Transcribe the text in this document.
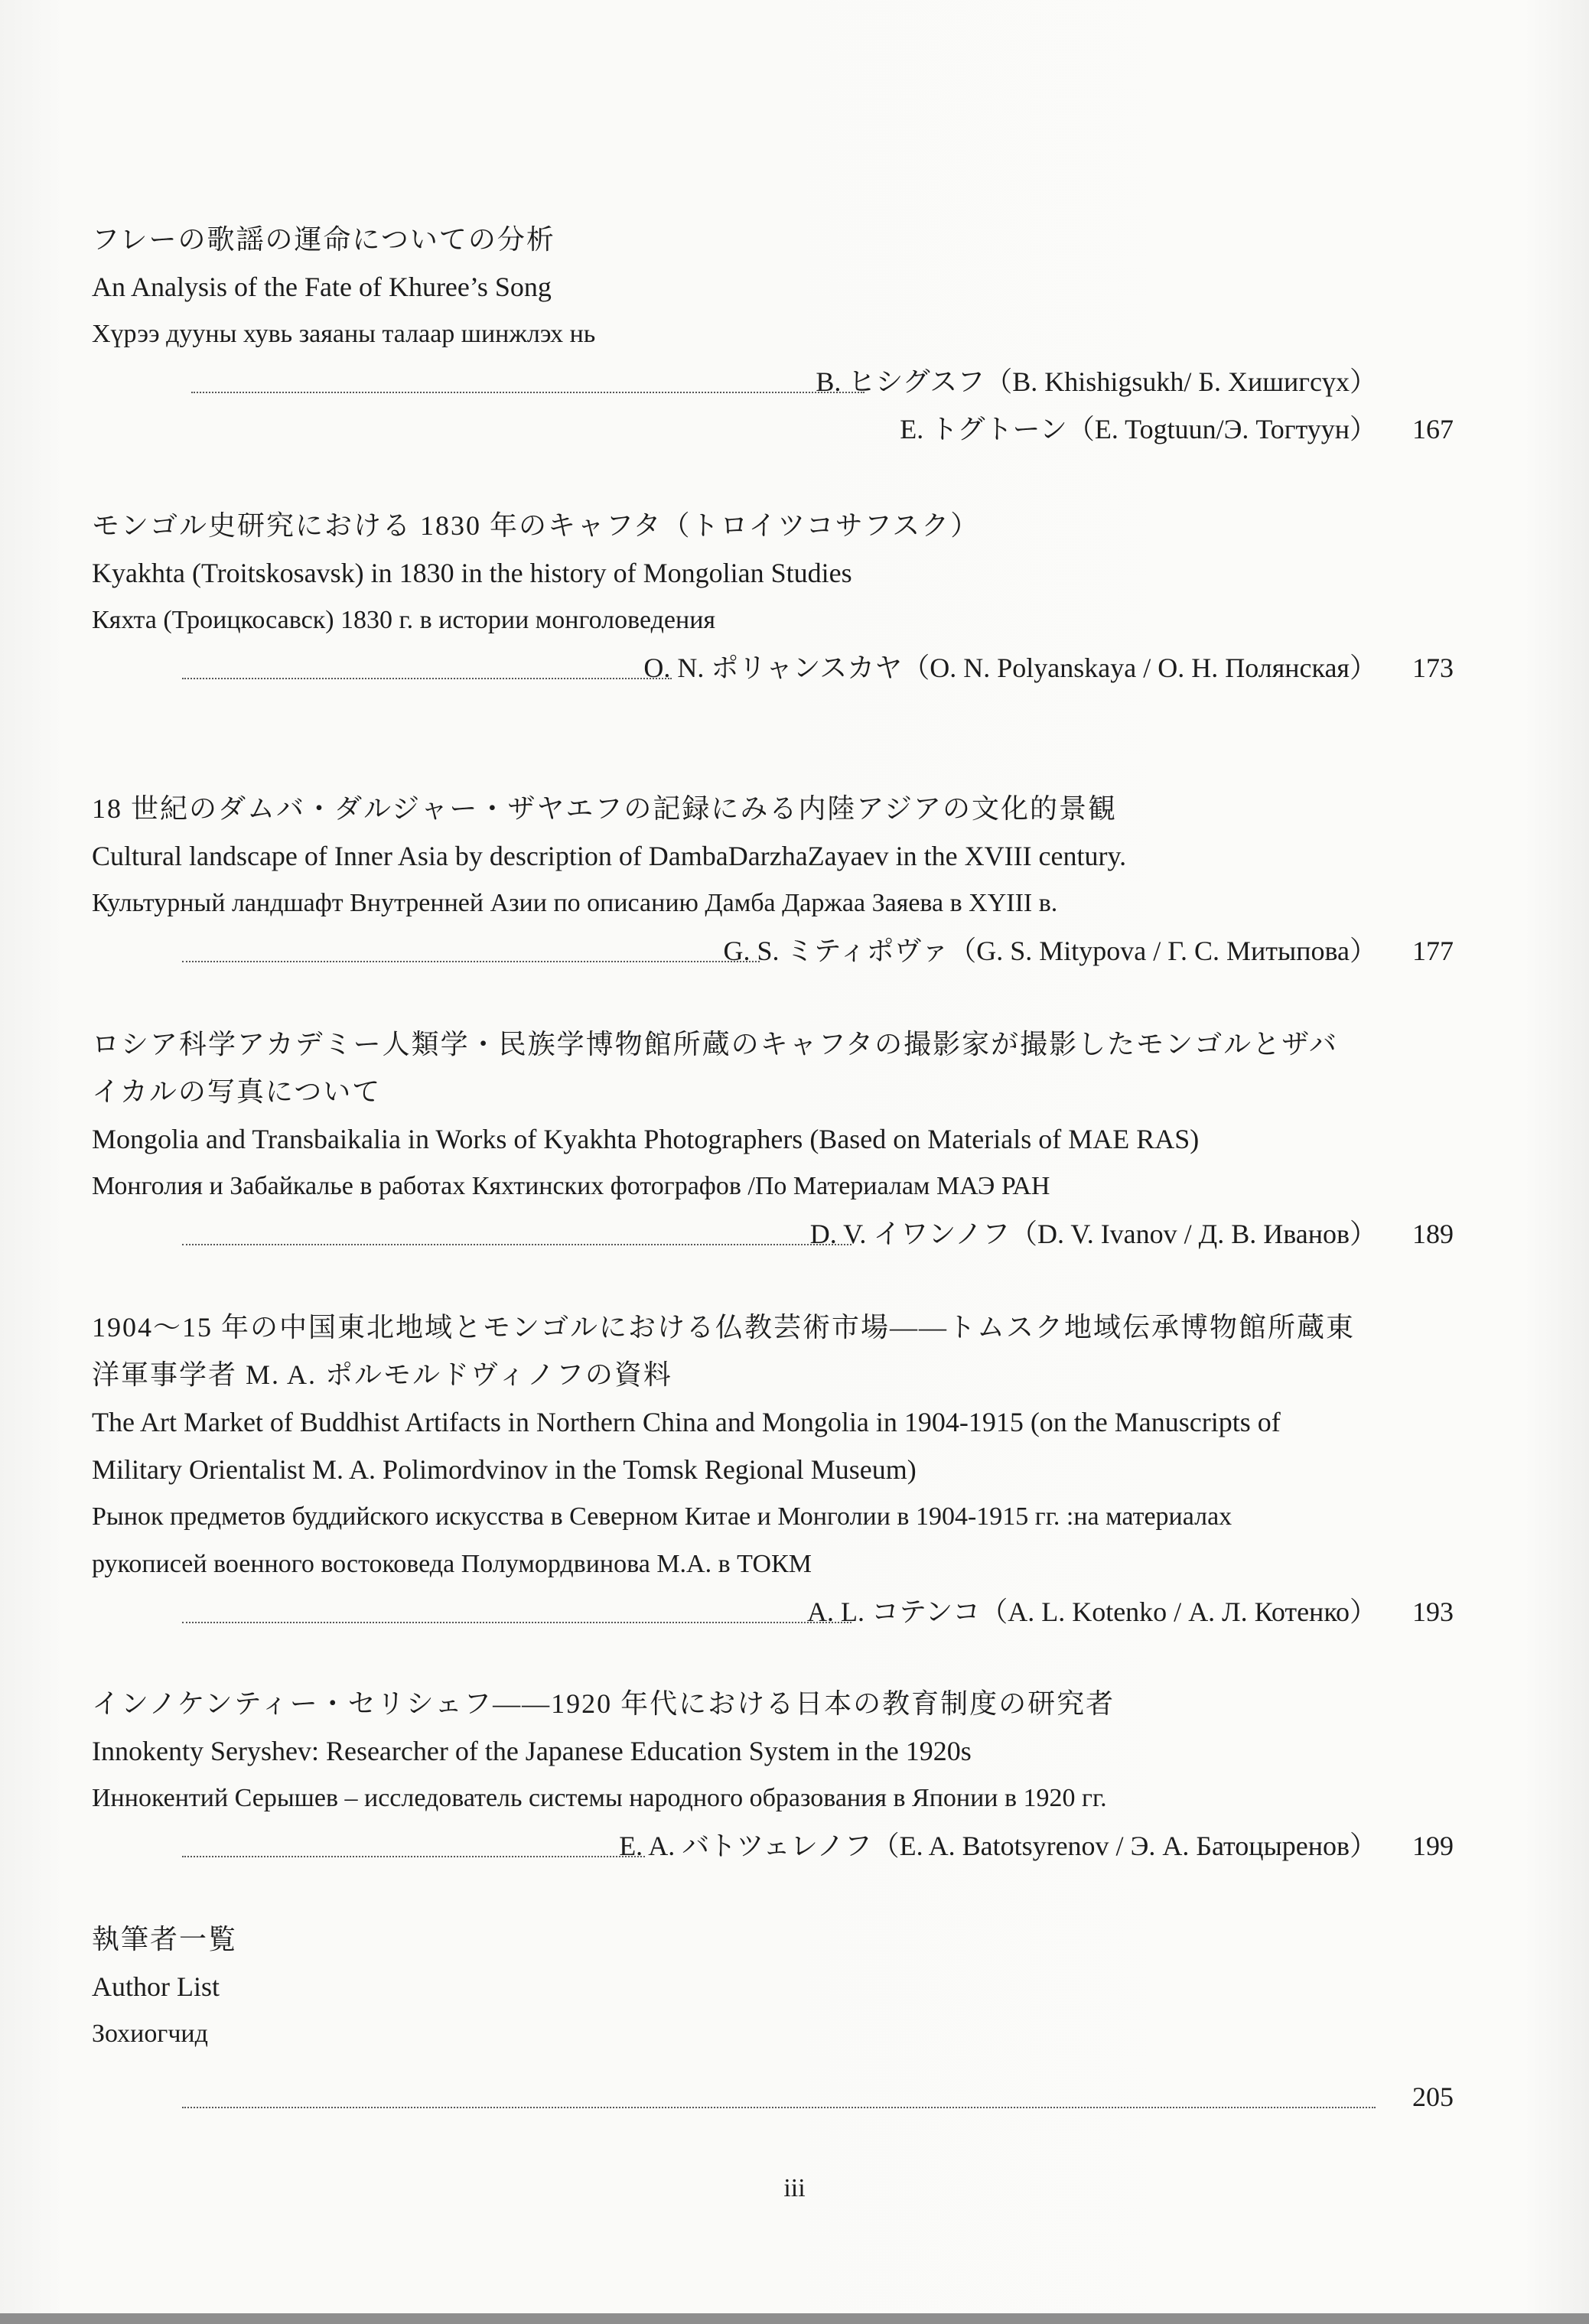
フレーの歌謡の運命についての分析
An Analysis of the Fate of Khuree’s Song
Хүрээ дууны хувь заяаны талаар шинжлэх нь
B. ヒシグスフ（B. Khishigsukh/ Б. Хишигсүх）
E. トグトーン（E. Togtuun/Э. Тогтуун）	167
モンゴル史研究における 1830 年のキャフタ（トロイツコサフスク）
Kyakhta (Troitskosavsk) in 1830 in the history of Mongolian Studies
Кяхта (Троицкосавск) 1830 г. в истории монголоведения
O. N. ポリャンスカヤ（O. N. Polyanskaya / О. Н. Полянская）	173
18 世紀のダムバ・ダルジャー・ザヤエフの記録にみる内陸アジアの文化的景観
Cultural landscape of Inner Asia by description of DambaDarzhaZayaev in the XVIII century.
Культурный ландшафт Внутренней Азии по описанию Дамба Даржаа Заяева в XYIII в.
G. S. ミティポヴァ（G. S. Mitypova / Г. С. Митыпова）	177
ロシア科学アカデミー人類学・民族学博物館所蔵のキャフタの撮影家が撮影したモンゴルとザバ
イカルの写真について
Mongolia and Transbaikalia in Works of Kyakhta Photographers (Based on Materials of MAE RAS)
Монголия и Забайкалье в работах Кяхтинских фотографов /По Материалам МАЭ РАН
D. V. イワンノフ（D. V. Ivanov / Д. В. Иванов）	189
1904～15 年の中国東北地域とモンゴルにおける仏教芸術市場――トムスク地域伝承博物館所蔵東
洋軍事学者 M. A. ポルモルドヴィノフの資料
The Art Market of Buddhist Artifacts in Northern China and Mongolia in 1904-1915 (on the Manuscripts of
Military Orientalist M. A. Polimordvinov in the Tomsk Regional Museum)
Рынок предметов буддийского искусства в Северном Китае и Монголии в 1904-1915 гг. :на материалах
рукописей военного востоковеда Полумордвинова М.А. в ТОКМ
A. L. コテンコ（A. L. Kotenko / А. Л. Котенко）	193
インノケンティー・セリシェフ――1920 年代における日本の教育制度の研究者
Innokenty Seryshev: Researcher of the Japanese Education System in the 1920s
Иннокентий Серышев – исследователь системы народного образования в Японии в 1920 гг.
E. A. バトツェレノフ（E. A. Batotsyrenov / Э. А. Батоцыренов）	199
執筆者一覧
Author List
Зохиогчид
205
iii
